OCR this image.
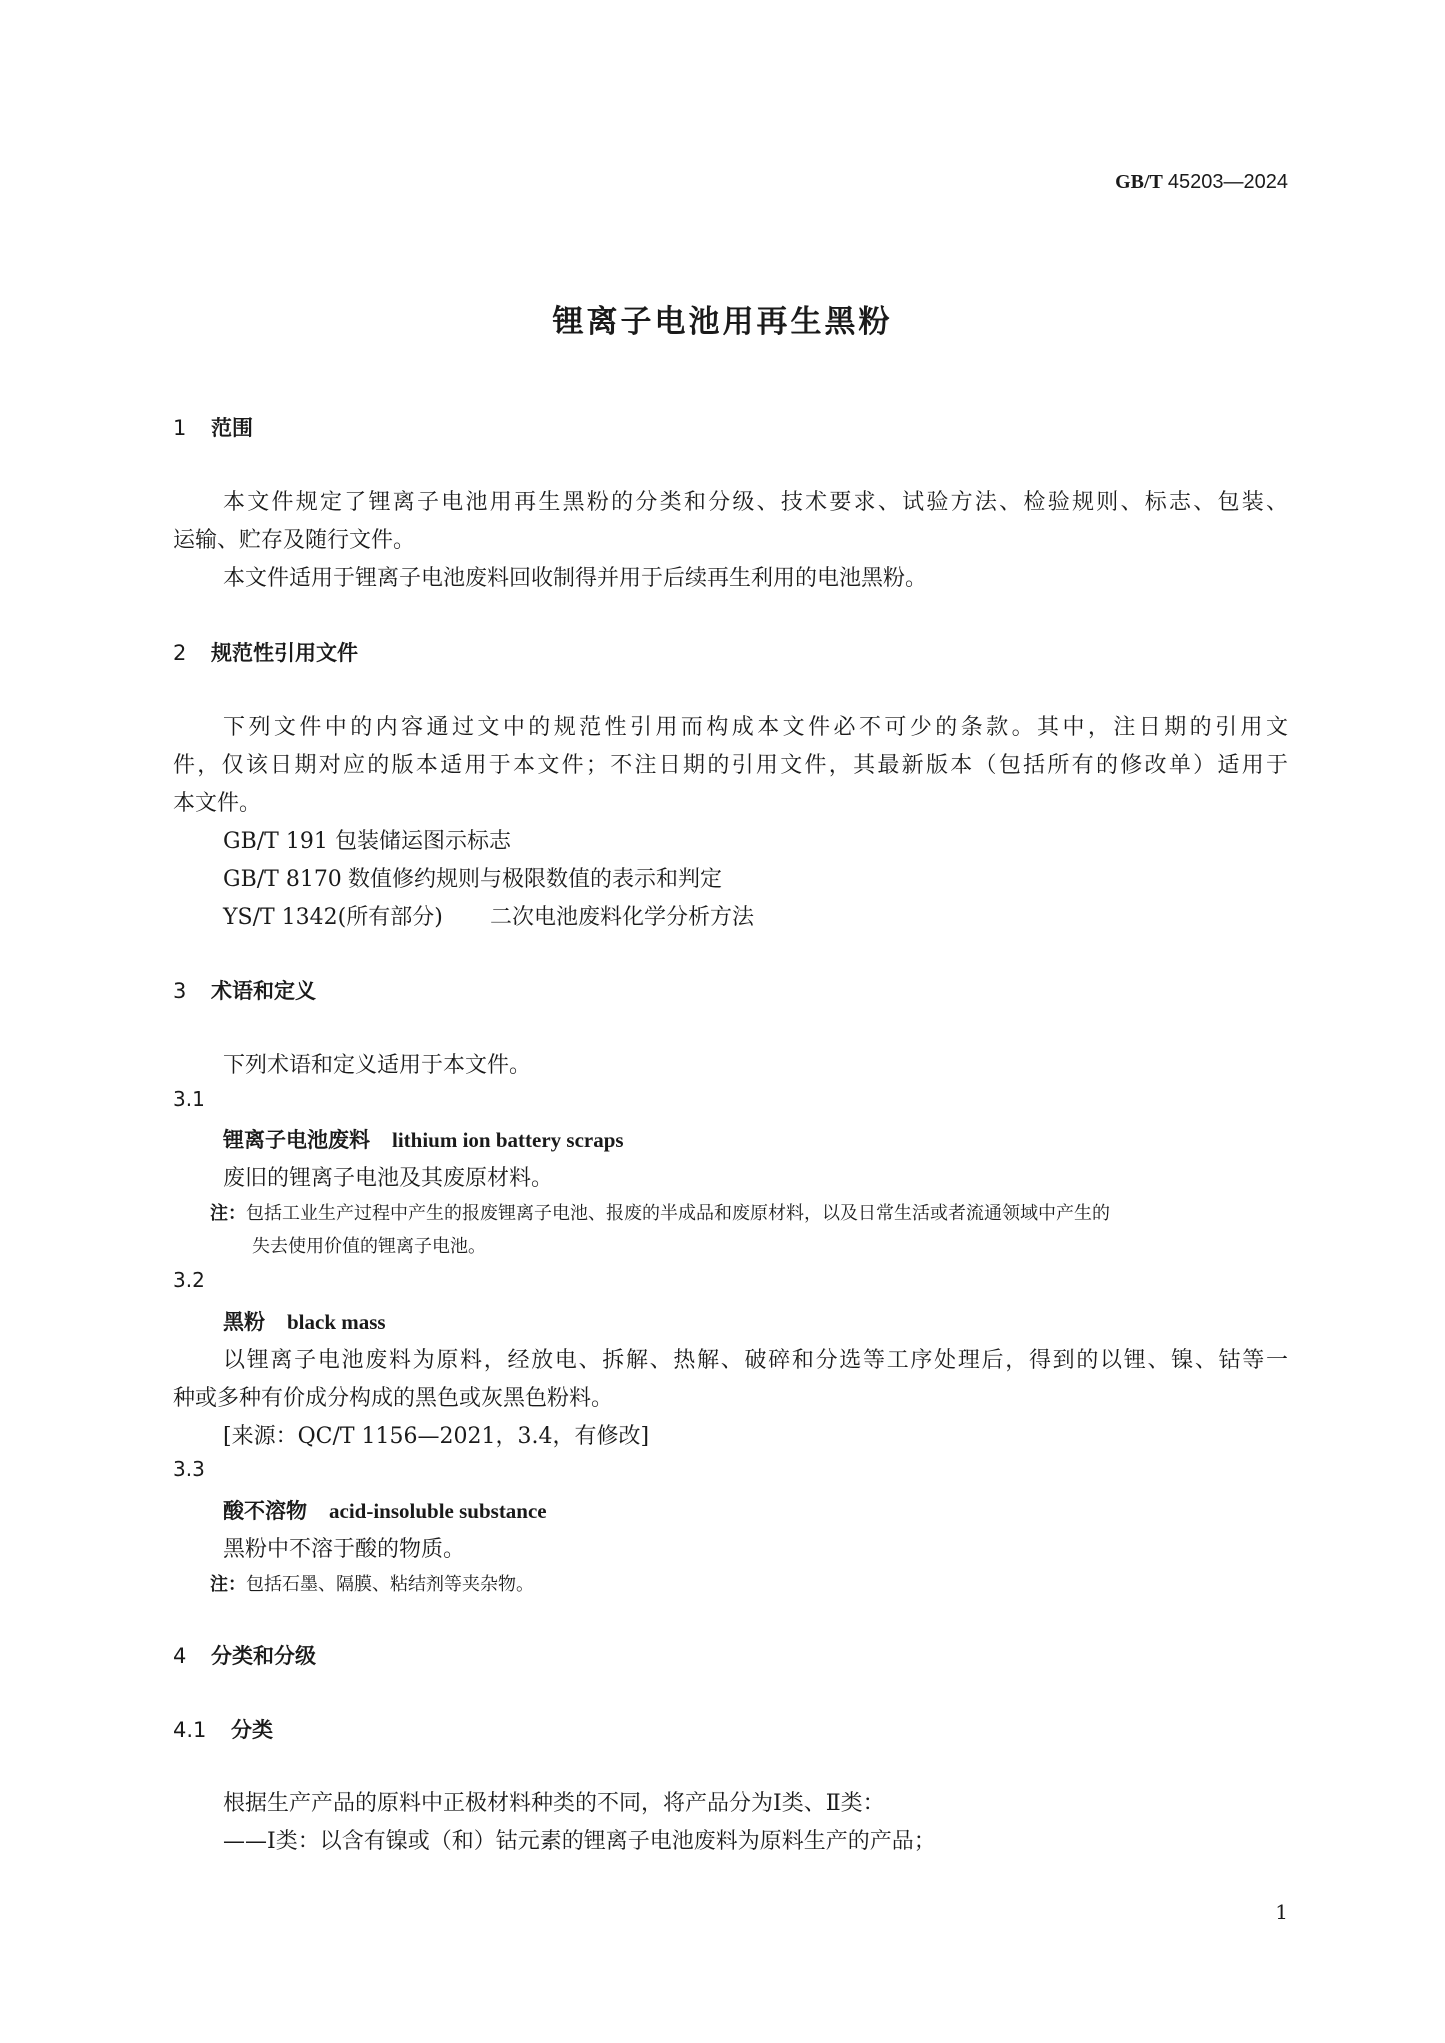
GB/T 45203—2024
锂离子电池用再生黑粉
1 范围
本文件规定了锂离子电池用再生黑粉的分类和分级、技术要求、试验方法、检验规则、标志、包装、
运输、贮存及随行文件。
本文件适用于锂离子电池废料回收制得并用于后续再生利用的电池黑粉。
2 规范性引用文件
下列文件中的内容通过文中的规范性引用而构成本文件必不可少的条款。其中，注日期的引用文
件，仅该日期对应的版本适用于本文件；不注日期的引用文件，其最新版本（包括所有的修改单）适用于
本文件。
GB/T 191 包装储运图示标志
GB/T 8170 数值修约规则与极限数值的表示和判定
YS/T 1342(所有部分) 二次电池废料化学分析方法
3 术语和定义
下列术语和定义适用于本文件。
3.1
锂离子电池废料 lithium ion battery scraps
废旧的锂离子电池及其废原材料。
注：包括工业生产过程中产生的报废锂离子电池、报废的半成品和废原材料，以及日常生活或者流通领域中产生的
失去使用价值的锂离子电池。
3.2
黑粉 black mass
以锂离子电池废料为原料，经放电、拆解、热解、破碎和分选等工序处理后，得到的以锂、镍、钴等一
种或多种有价成分构成的黑色或灰黑色粉料。
[来源：QC/T 1156—2021，3.4，有修改]
3.3
酸不溶物 acid-insoluble substance
黑粉中不溶于酸的物质。
注：包括石墨、隔膜、粘结剂等夹杂物。
4 分类和分级
4.1 分类
根据生产产品的原料中正极材料种类的不同，将产品分为Ⅰ类、Ⅱ类：
——Ⅰ类：以含有镍或（和）钴元素的锂离子电池废料为原料生产的产品；
1
